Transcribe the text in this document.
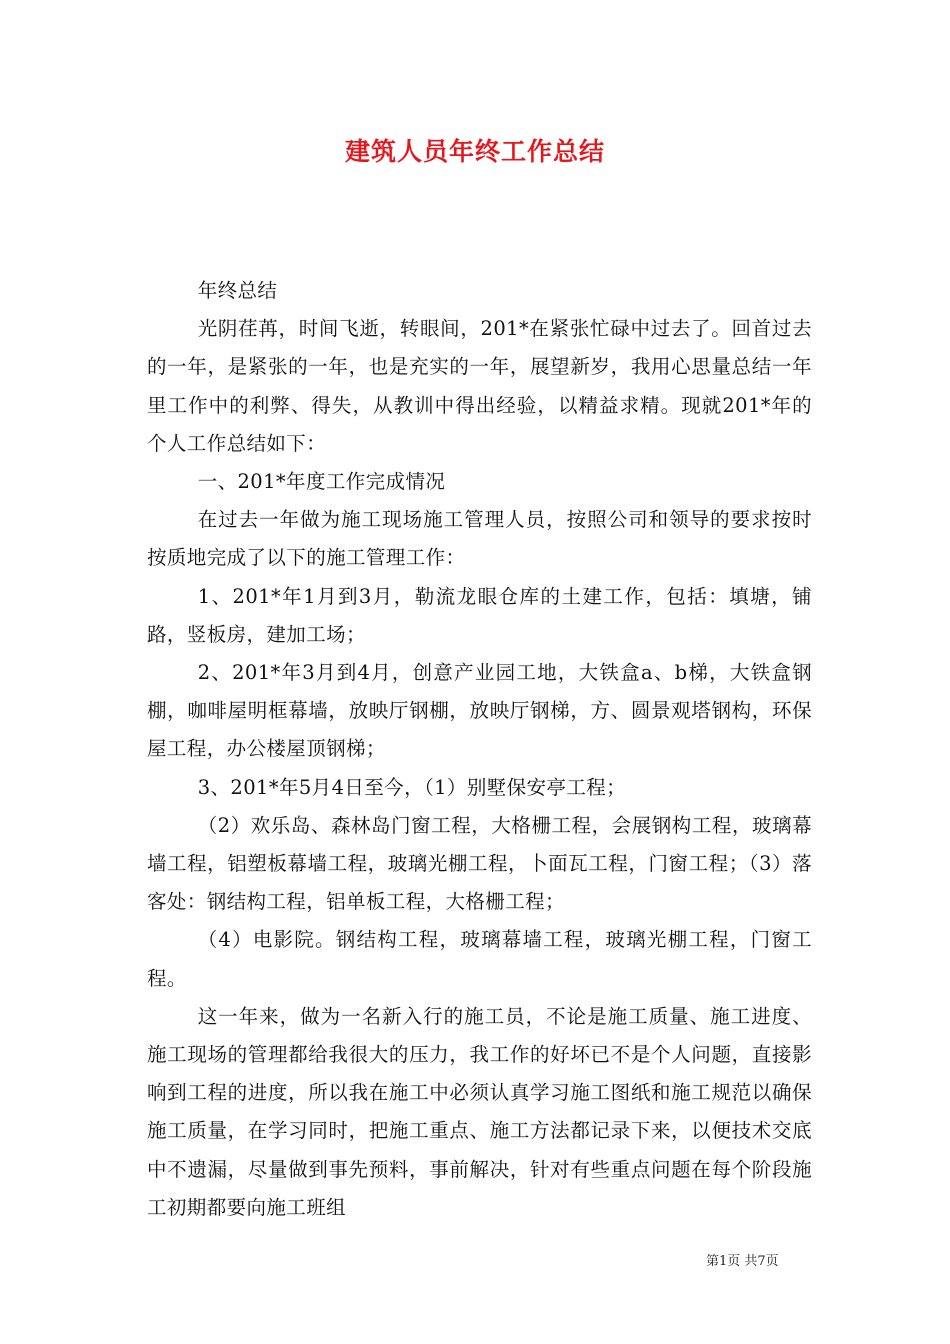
建筑人员年终工作总结

年终总结

光阴荏苒，时间飞逝，转眼间，201*在紧张忙碌中过去了。回首过去的一年，是紧张的一年，也是充实的一年，展望新岁，我用心思量总结一年里工作中的利弊、得失，从教训中得出经验，以精益求精。现就201*年的个人工作总结如下：

一、201*年度工作完成情况

在过去一年做为施工现场施工管理人员，按照公司和领导的要求按时按质地完成了以下的施工管理工作：

1、201*年1月到3月，勒流龙眼仓库的土建工作，包括：填塘，铺路，竖板房，建加工场；

2、201*年3月到4月，创意产业园工地，大铁盒a、b梯，大铁盒钢棚，咖啡屋明框幕墙，放映厅钢棚，放映厅钢梯，方、圆景观塔钢构，环保屋工程，办公楼屋顶钢梯；

3、201*年5月4日至今，（1）别墅保安亭工程；

（2）欢乐岛、森林岛门窗工程，大格栅工程，会展钢构工程，玻璃幕墙工程，铝塑板幕墙工程，玻璃光棚工程，卜面瓦工程，门窗工程；（3）落客处：钢结构工程，铝单板工程，大格栅工程；

（4）电影院。钢结构工程，玻璃幕墙工程，玻璃光棚工程，门窗工程。

这一年来，做为一名新入行的施工员，不论是施工质量、施工进度、施工现场的管理都给我很大的压力，我工作的好坏已不是个人问题，直接影响到工程的进度，所以我在施工中必须认真学习施工图纸和施工规范以确保施工质量，在学习同时，把施工重点、施工方法都记录下来，以便技术交底中不遗漏，尽量做到事先预料，事前解决，针对有些重点问题在每个阶段施工初期都要向施工班组

第1页 共7页
